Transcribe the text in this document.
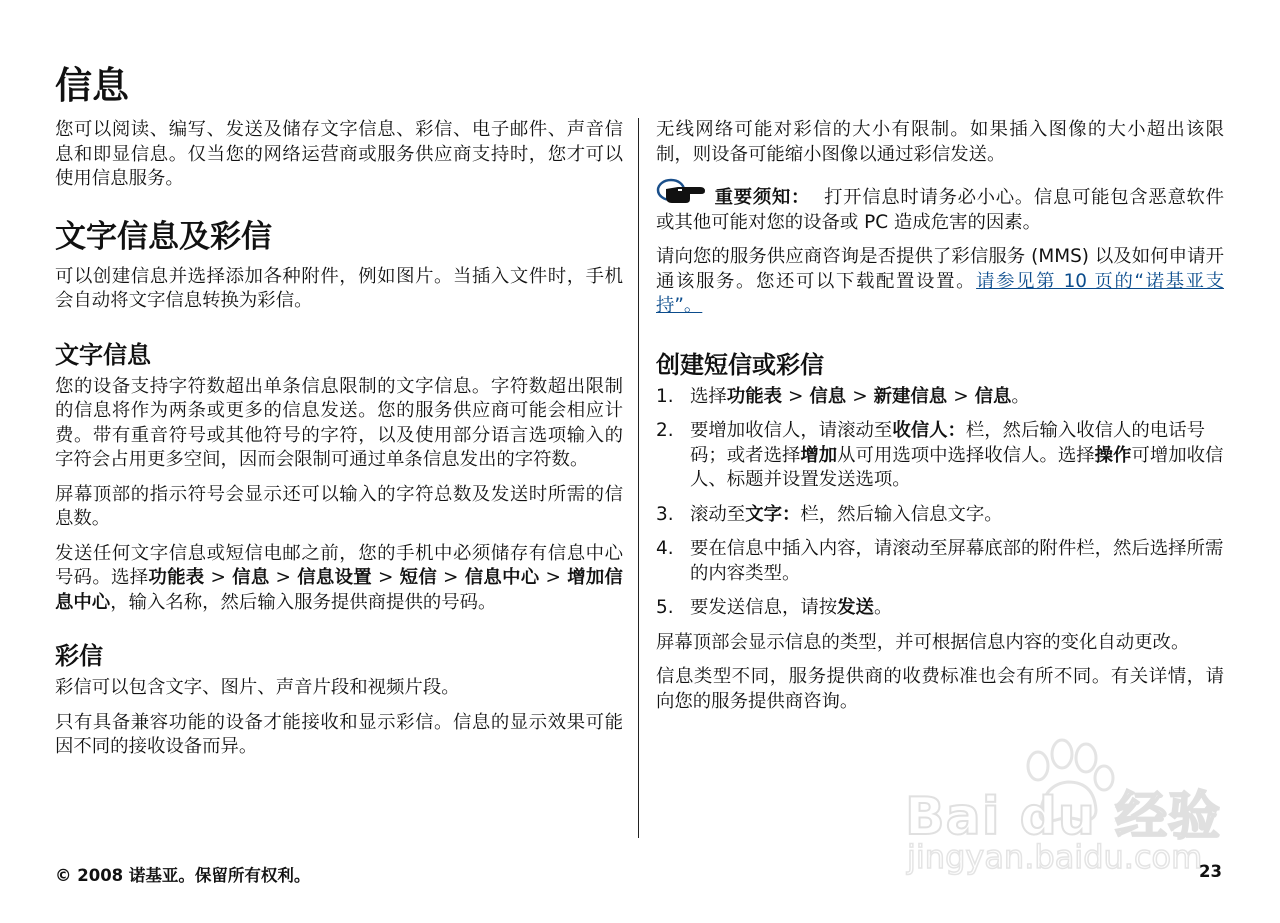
信息

您可以阅读、编写、发送及储存文字信息、彩信、电子邮件、声音信息和即显信息。仅当您的网络运营商或服务供应商支持时，您才可以使用信息服务。

文字信息及彩信

可以创建信息并选择添加各种附件，例如图片。当插入文件时，手机会自动将文字信息转换为彩信。

文字信息

您的设备支持字符数超出单条信息限制的文字信息。字符数超出限制的信息将作为两条或更多的信息发送。您的服务供应商可能会相应计费。带有重音符号或其他符号的字符，以及使用部分语言选项输入的字符会占用更多空间，因而会限制可通过单条信息发出的字符数。

屏幕顶部的指示符号会显示还可以输入的字符总数及发送时所需的信息数。

发送任何文字信息或短信电邮之前，您的手机中必须储存有信息中心号码。选择功能表 > 信息 > 信息设置 > 短信 > 信息中心 > 增加信息中心，输入名称，然后输入服务提供商提供的号码。

彩信

彩信可以包含文字、图片、声音片段和视频片段。

只有具备兼容功能的设备才能接收和显示彩信。信息的显示效果可能因不同的接收设备而异。

无线网络可能对彩信的大小有限制。如果插入图像的大小超出该限制，则设备可能缩小图像以通过彩信发送。

重要须知： 打开信息时请务必小心。信息可能包含恶意软件或其他可能对您的设备或 PC 造成危害的因素。

请向您的服务供应商咨询是否提供了彩信服务 (MMS) 以及如何申请开通该服务。您还可以下载配置设置。请参见第 10 页的“诺基亚支持”。

创建短信或彩信
1. 选择功能表 > 信息 > 新建信息 > 信息。
2. 要增加收信人，请滚动至收信人：栏，然后输入收信人的电话号码；或者选择增加从可用选项中选择收信人。选择操作可增加收信人、标题并设置发送选项。
3. 滚动至文字：栏，然后输入信息文字。
4. 要在信息中插入内容，请滚动至屏幕底部的附件栏，然后选择所需的内容类型。
5. 要发送信息，请按发送。

屏幕顶部会显示信息的类型，并可根据信息内容的变化自动更改。

信息类型不同，服务提供商的收费标准也会有所不同。有关详情，请向您的服务提供商咨询。

Bai du 经验
jingyan.baidu.com
© 2008 诺基亚。保留所有权利。	23
